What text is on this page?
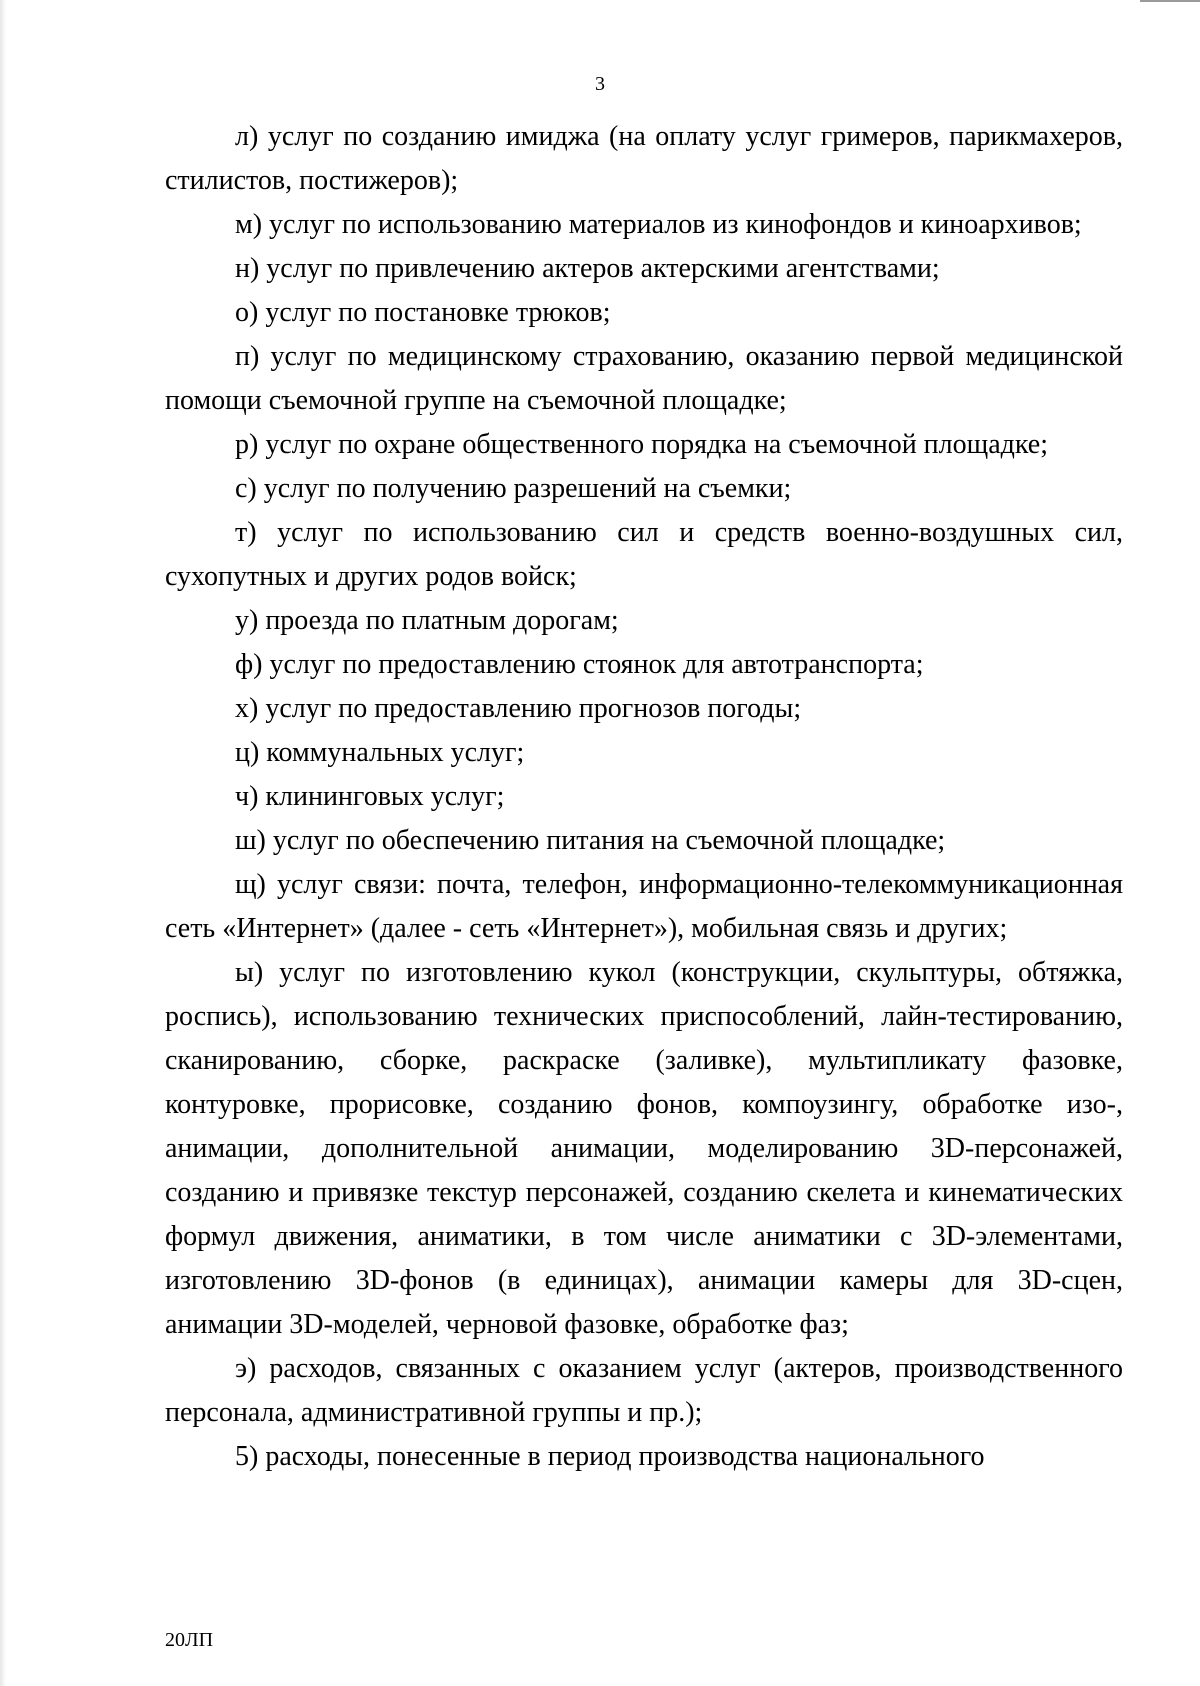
3

л) услуг по созданию имиджа (на оплату услуг гримеров, парикмахеров, стилистов, постижеров);

м) услуг по использованию материалов из кинофондов и киноархивов;

н) услуг по привлечению актеров актерскими агентствами;

о) услуг по постановке трюков;

п) услуг по медицинскому страхованию, оказанию первой медицинской помощи съемочной группе на съемочной площадке;

р) услуг по охране общественного порядка на съемочной площадке;

с) услуг по получению разрешений на съемки;

т) услуг по использованию сил и средств военно-воздушных сил, сухопутных и других родов войск;

у) проезда по платным дорогам;

ф) услуг по предоставлению стоянок для автотранспорта;

х) услуг по предоставлению прогнозов погоды;

ц) коммунальных услуг;

ч) клининговых услуг;

ш) услуг по обеспечению питания на съемочной площадке;

щ) услуг связи: почта, телефон, информационно-телекоммуникационная сеть «Интернет» (далее - сеть «Интернет»), мобильная связь и других;

ы) услуг по изготовлению кукол (конструкции, скульптуры, обтяжка, роспись), использованию технических приспособлений, лайн-тестированию, сканированию, сборке, раскраске (заливке), мультипликату фазовке, контуровке, прорисовке, созданию фонов, компоузингу, обработке изо-, анимации, дополнительной анимации, моделированию 3D-персонажей, созданию и привязке текстур персонажей, созданию скелета и кинематических формул движения, аниматики, в том числе аниматики с 3D-элементами, изготовлению 3D-фонов (в единицах), анимации камеры для 3D-сцен, анимации 3D-моделей, черновой фазовке, обработке фаз;

э) расходов, связанных с оказанием услуг (актеров, производственного персонала, административной группы и пр.);

5) расходы, понесенные в период производства национального

20ЛП
